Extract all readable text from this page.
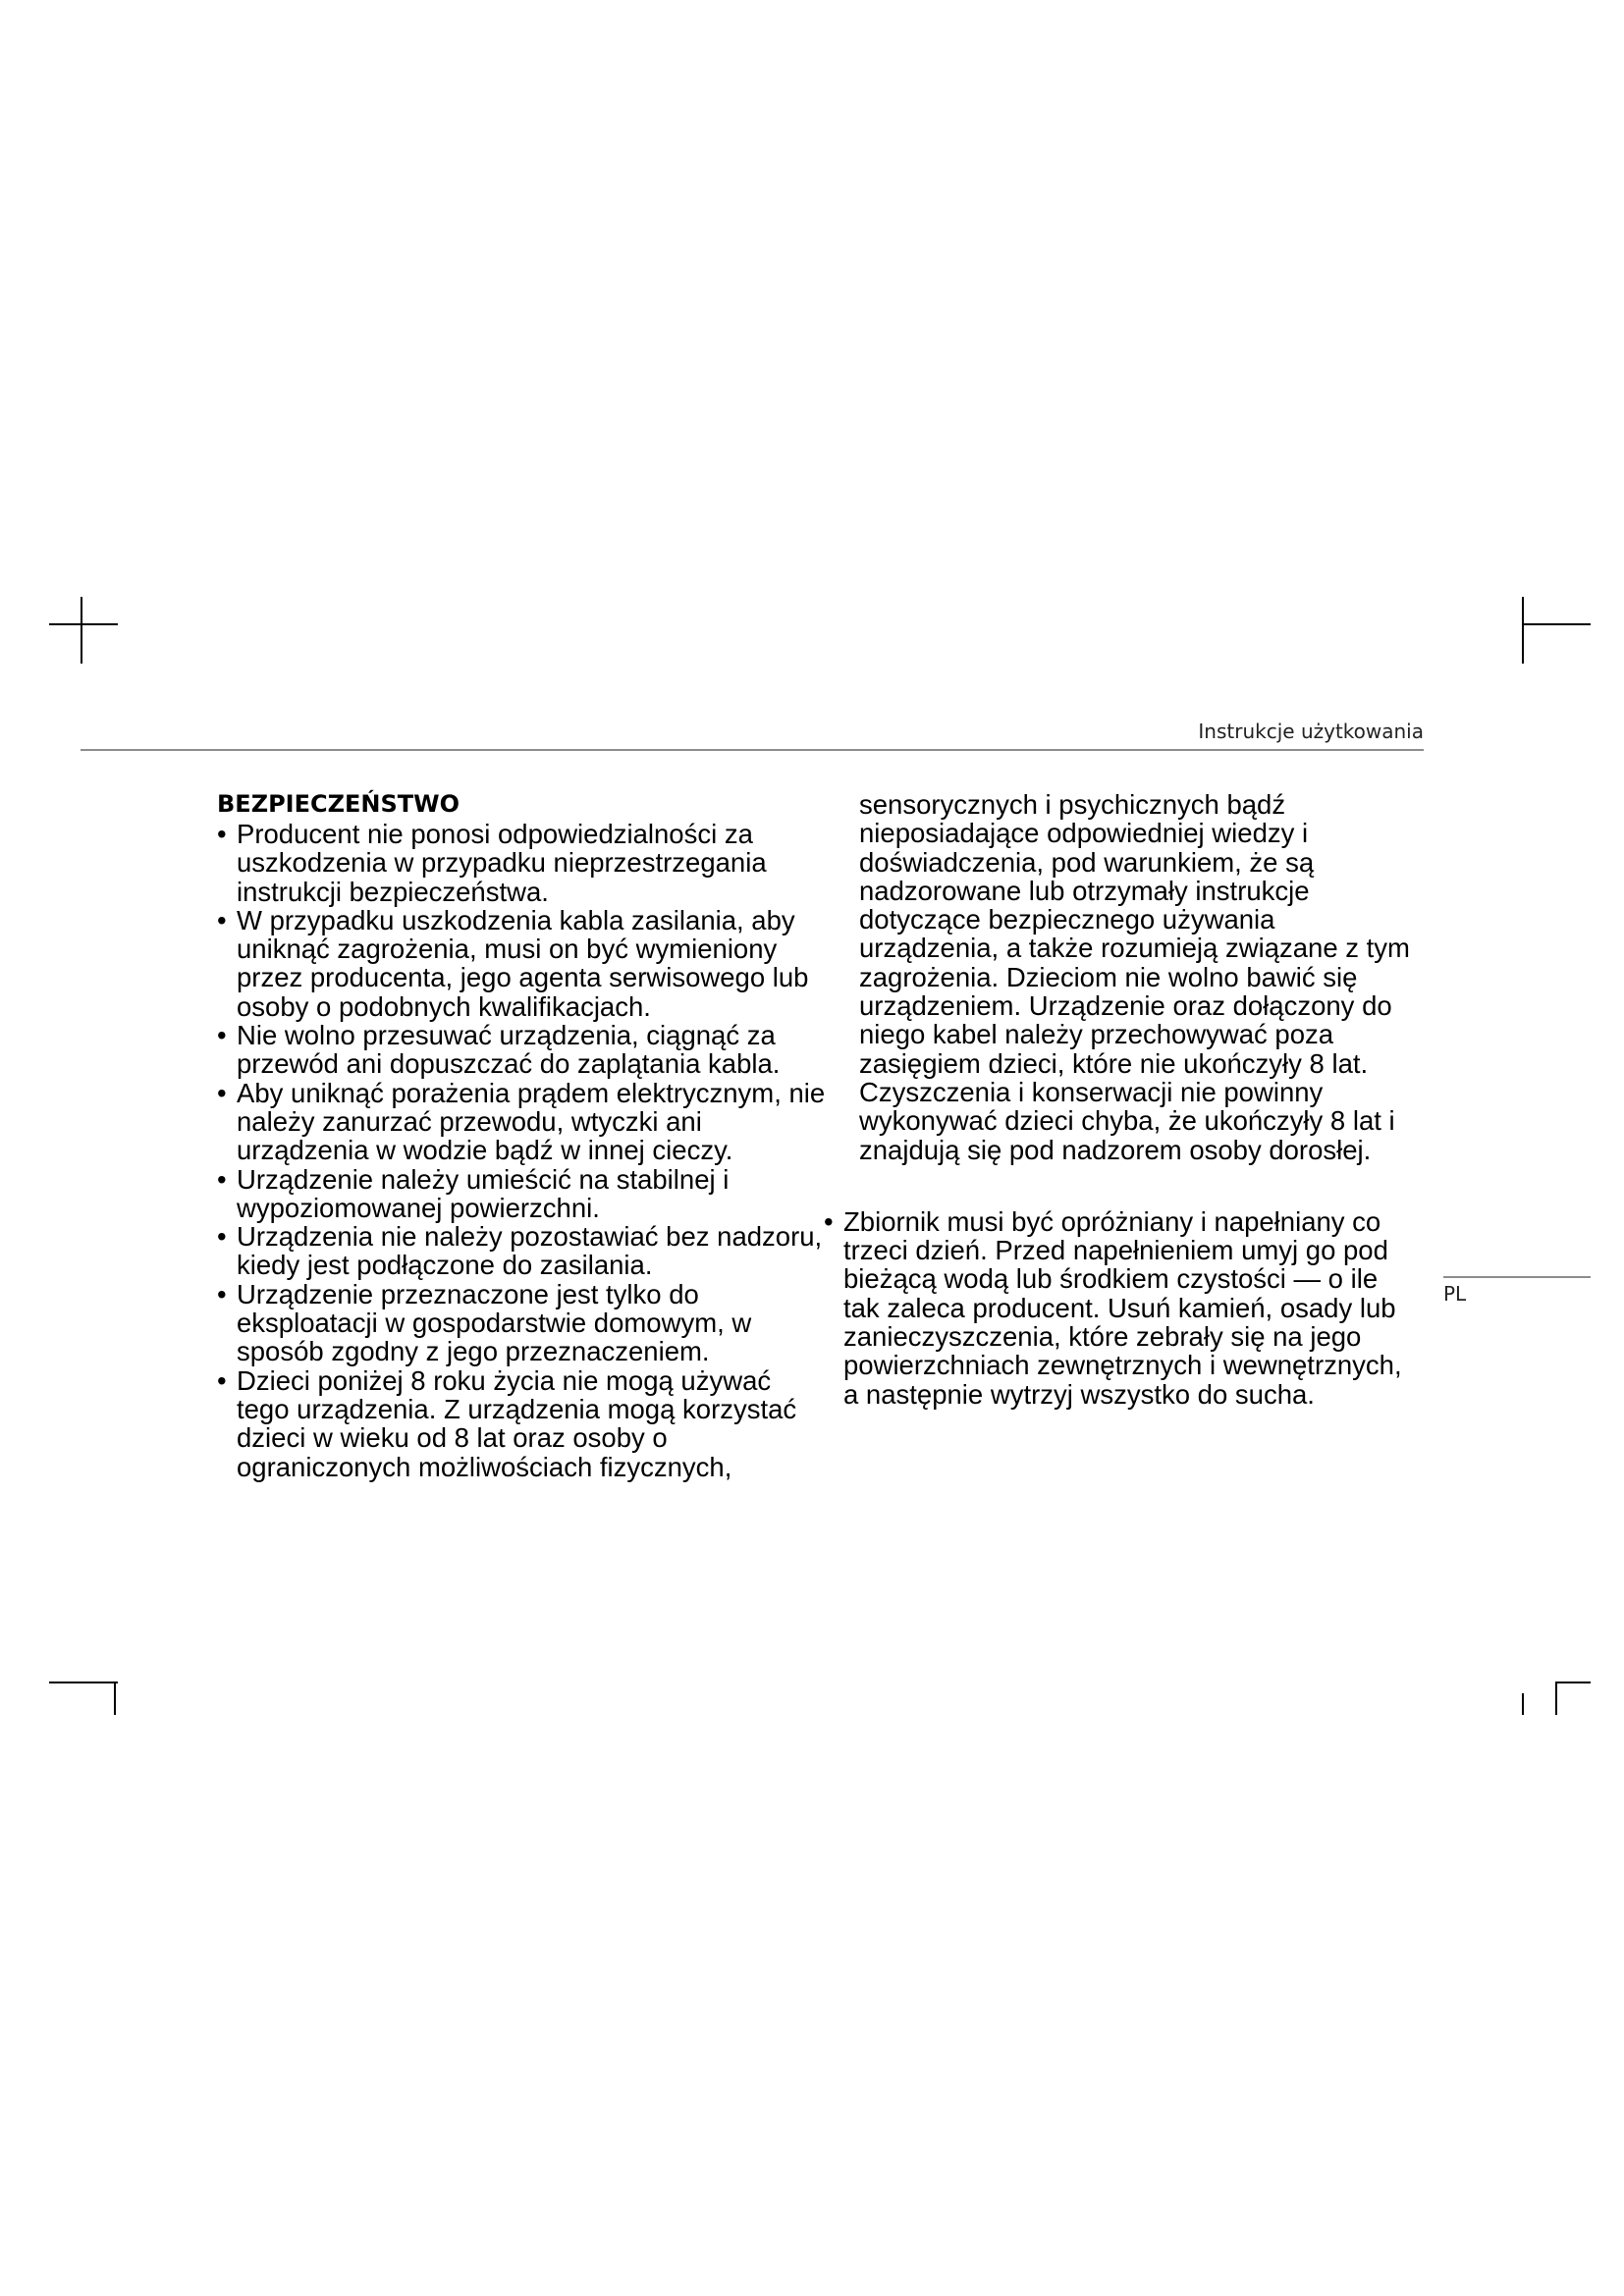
Instrukcje użytkowania
BEZPIECZEŃSTWO
• Producent nie ponosi odpowiedzialności za uszkodzenia w przypadku nieprzestrzegania instrukcji bezpieczeństwa.
• W przypadku uszkodzenia kabla zasilania, aby uniknąć zagrożenia, musi on być wymieniony przez producenta, jego agenta serwisowego lub osoby o podobnych kwalifikacjach.
• Nie wolno przesuwać urządzenia, ciągnąć za przewód ani dopuszczać do zaplątania kabla.
• Aby uniknąć porażenia prądem elektrycznym, nie należy zanurzać przewodu, wtyczki ani urządzenia w wodzie bądź w innej cieczy.
• Urządzenie należy umieścić na stabilnej i wypoziomowanej powierzchni.
• Urządzenia nie należy pozostawiać bez nadzoru, kiedy jest podłączone do zasilania.
• Urządzenie przeznaczone jest tylko do eksploatacji w gospodarstwie domowym, w sposób zgodny z jego przeznaczeniem.
• Dzieci poniżej 8 roku życia nie mogą używać tego urządzenia. Z urządzenia mogą korzystać dzieci w wieku od 8 lat oraz osoby o ograniczonych możliwościach fizycznych,
sensorycznych i psychicznych bądź nieposiadające odpowiedniej wiedzy i doświadczenia, pod warunkiem, że są nadzorowane lub otrzymały instrukcje dotyczące bezpiecznego używania urządzenia, a także rozumieją związane z tym zagrożenia. Dzieciom nie wolno bawić się urządzeniem. Urządzenie oraz dołączony do niego kabel należy przechowywać poza zasięgiem dzieci, które nie ukończyły 8 lat. Czyszczenia i konserwacji nie powinny wykonywać dzieci chyba, że ukończyły 8 lat i znajdują się pod nadzorem osoby dorosłej.
• Zbiornik musi być opróżniany i napełniany co trzeci dzień. Przed napełnieniem umyj go pod bieżącą wodą lub środkiem czystości — o ile tak zaleca producent. Usuń kamień, osady lub zanieczyszczenia, które zebrały się na jego powierzchniach zewnętrznych i wewnętrznych, a następnie wytrzyj wszystko do sucha.
PL
